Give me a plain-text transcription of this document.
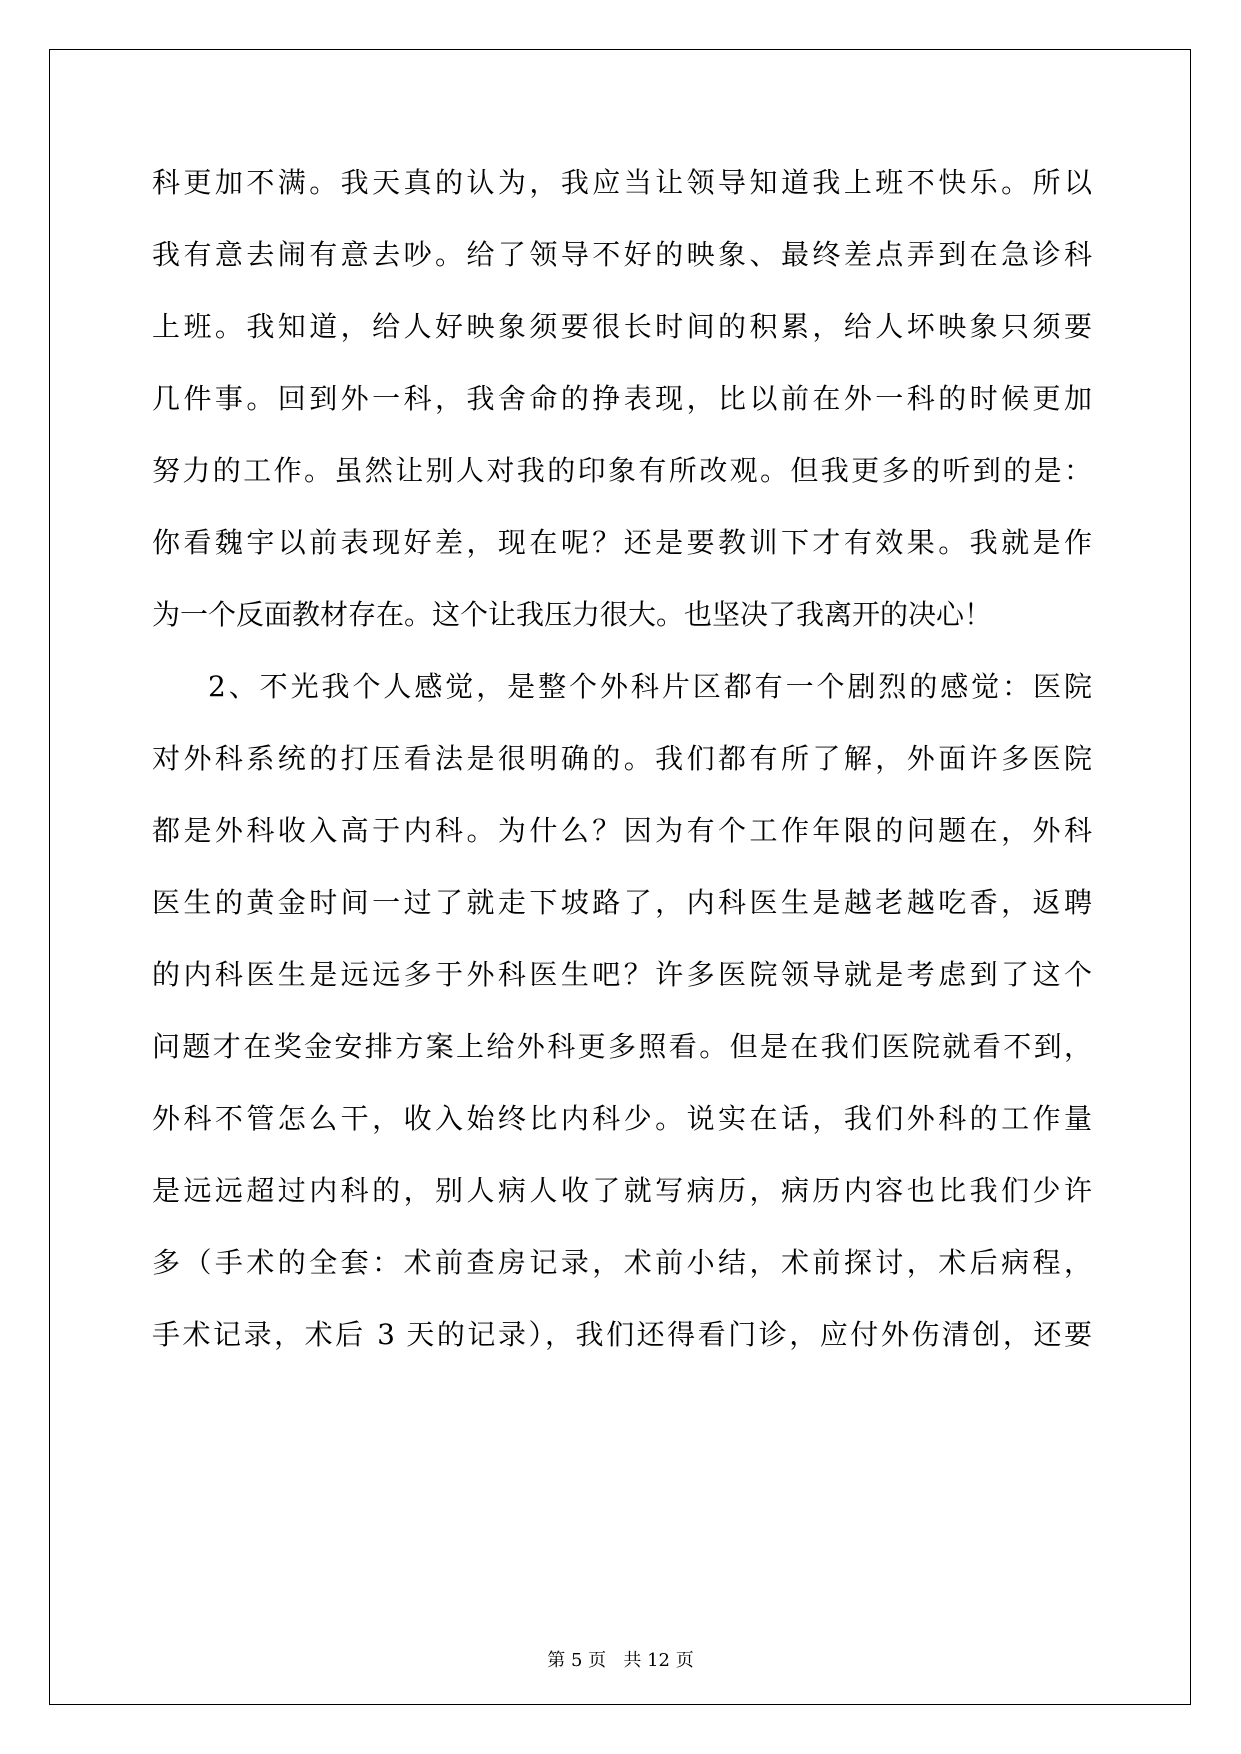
科更加不满。我天真的认为，我应当让领导知道我上班不快乐。所以
我有意去闹有意去吵。给了领导不好的映象、最终差点弄到在急诊科
上班。我知道，给人好映象须要很长时间的积累，给人坏映象只须要
几件事。回到外一科，我舍命的挣表现，比以前在外一科的时候更加
努力的工作。虽然让别人对我的印象有所改观。但我更多的听到的是：
你看魏宇以前表现好差，现在呢？还是要教训下才有效果。我就是作
为一个反面教材存在。这个让我压力很大。也坚决了我离开的决心！
2、不光我个人感觉，是整个外科片区都有一个剧烈的感觉：医院
对外科系统的打压看法是很明确的。我们都有所了解，外面许多医院
都是外科收入高于内科。为什么？因为有个工作年限的问题在，外科
医生的黄金时间一过了就走下坡路了，内科医生是越老越吃香，返聘
的内科医生是远远多于外科医生吧？许多医院领导就是考虑到了这个
问题才在奖金安排方案上给外科更多照看。但是在我们医院就看不到，
外科不管怎么干，收入始终比内科少。说实在话，我们外科的工作量
是远远超过内科的，别人病人收了就写病历，病历内容也比我们少许
多（手术的全套：术前查房记录，术前小结，术前探讨，术后病程，
手术记录，术后 3 天的记录），我们还得看门诊，应付外伤清创，还要
第 5 页 共 12 页
